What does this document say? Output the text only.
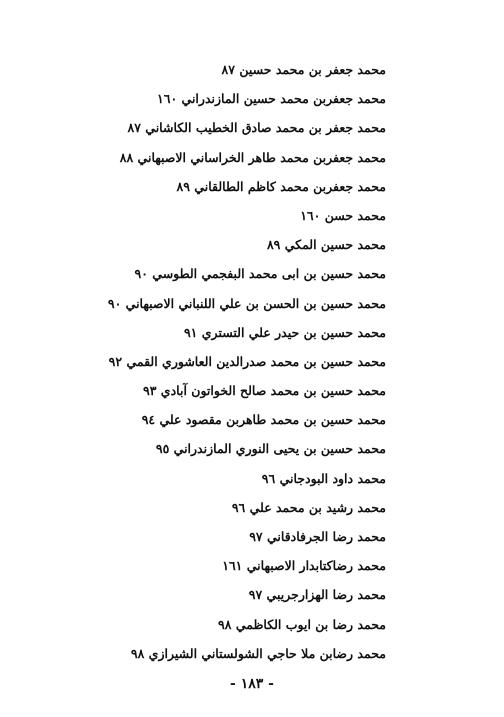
محمد جعفر بن محمد حسين ٨٧
محمد جعفربن محمد حسين المازندراني ١٦٠
محمد جعفر بن محمد صادق الخطيب الكاشاني ٨٧
محمد جعفربن محمد طاهر الخراساني الاصبهاني ٨٨
محمد جعفربن محمد كاظم الطالقاني ٨٩
محمد حسن ١٦٠
محمد حسين المكي ٨٩
محمد حسين بن ابى محمد البفجمي الطوسي ٩٠
محمد حسين بن الحسن بن علي اللنباني الاصبهاني ٩٠
محمد حسين بن حيدر علي التستري ٩١
محمد حسين بن محمد صدرالدين العاشوري القمي ٩٢
محمد حسين بن محمد صالح الخواتون آبادي ٩٣
محمد حسين بن محمد طاهربن مقصود علي ٩٤
محمد حسين بن يحيى النوري المازندراني ٩٥
محمد داود البودجاني ٩٦
محمد رشيد بن محمد علي ٩٦
محمد رضا الجرفادقاني ٩٧
محمد رضاكتابدار الاصبهاني ١٦١
محمد رضا الهزارجريبي ٩٧
محمد رضا بن ايوب الكاظمي ٩٨
محمد رضابن ملا حاجي الشولستاني الشيرازي ٩٨
- ١٨٣ -
